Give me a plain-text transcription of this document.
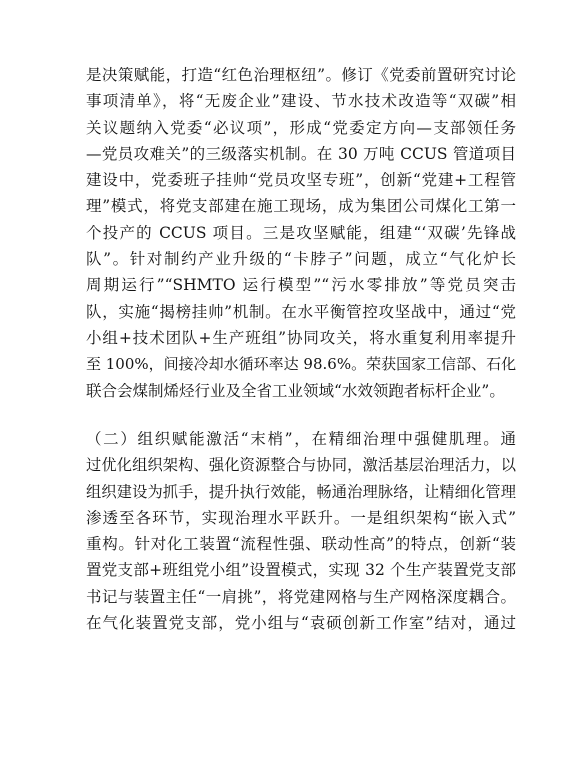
是决策赋能，打造“红色治理枢纽”。修订《党委前置研究讨论
事项清单》，将“无废企业”建设、节水技术改造等“双碳”相
关议题纳入党委“必议项”，形成“党委定方向—支部领任务
—党员攻难关”的三级落实机制。在 30 万吨 CCUS 管道项目
建设中，党委班子挂帅“党员攻坚专班”，创新“党建+工程管
理”模式，将党支部建在施工现场，成为集团公司煤化工第一
个投产的 CCUS 项目。三是攻坚赋能，组建“‘双碳’先锋战
队”。针对制约产业升级的“卡脖子”问题，成立“气化炉长
周期运行”“SHMTO 运行模型”“污水零排放”等党员突击
队，实施“揭榜挂帅”机制。在水平衡管控攻坚战中，通过“党
小组+技术团队+生产班组”协同攻关，将水重复利用率提升
至 100%，间接冷却水循环率达 98.6%。荣获国家工信部、石化
联合会煤制烯烃行业及全省工业领域“水效领跑者标杆企业”。
（二）组织赋能激活“末梢”，在精细治理中强健肌理。通
过优化组织架构、强化资源整合与协同，激活基层治理活力，以
组织建设为抓手，提升执行效能，畅通治理脉络，让精细化管理
渗透至各环节，实现治理水平跃升。一是组织架构“嵌入式”
重构。针对化工装置“流程性强、联动性高”的特点，创新“装
置党支部+班组党小组”设置模式，实现 32 个生产装置党支部
书记与装置主任“一肩挑”，将党建网格与生产网格深度耦合。
在气化装置党支部，党小组与“袁硕创新工作室”结对，通过
